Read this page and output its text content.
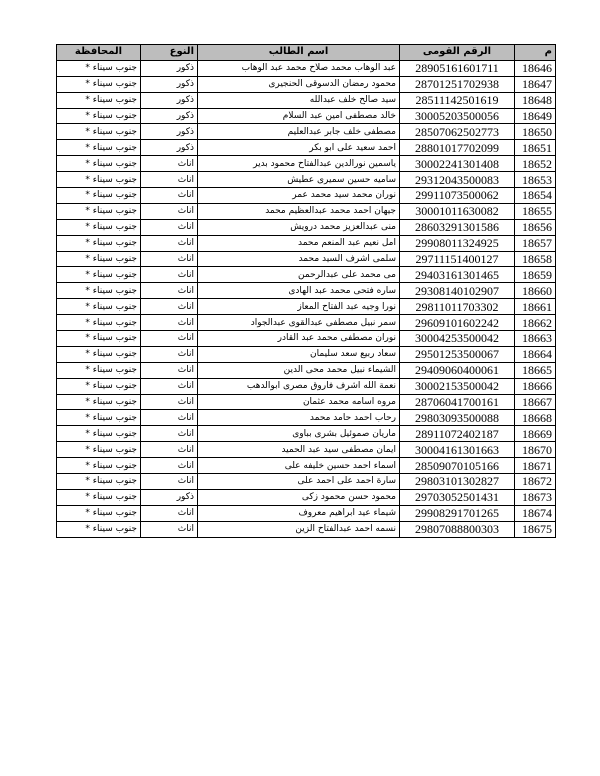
م	الرقم القومى	اسم الطالب	النوع	المحافظة
18646	28905161601711	عبد الوهاب محمد صلاح محمد عبد الوهاب	ذكور	جنوب سيناء *
18647	28701251702938	محمود رمضان الدسوقى الحنجيرى	ذكور	جنوب سيناء *
18648	28511142501619	سيد صالح خلف عبدالله	ذكور	جنوب سيناء *
18649	30005203500056	خالد مصطفى امين عبد السلام	ذكور	جنوب سيناء *
18650	28507062502773	مصطفى خلف جابر عبدالعليم	ذكور	جنوب سيناء *
18651	28801017702099	احمد سعيد على ابو بكر	ذكور	جنوب سيناء *
18652	30002241301408	ياسمين نورالدين عبدالفتاح محمود بدير	اناث	جنوب سيناء *
18653	29312043500083	ساميه حسين سميرى عطيش	اناث	جنوب سيناء *
18654	29911073500062	نوران محمد سيد محمد عمر	اناث	جنوب سيناء *
18655	30001011630082	جيهان احمد محمد عبدالعظيم محمد	اناث	جنوب سيناء *
18656	28603291301586	منى عبدالعزيز محمد درويش	اناث	جنوب سيناء *
18657	29908011324925	امل نعيم عبد المنعم محمد	اناث	جنوب سيناء *
18658	29711151400127	سلمى اشرف السيد محمد	اناث	جنوب سيناء *
18659	29403161301465	مى محمد على عبدالرحمن	اناث	جنوب سيناء *
18660	29308140102907	ساره فتحى محمد عبد الهادى	اناث	جنوب سيناء *
18661	29811011703302	نورا وجيه عبد الفتاح المعاز	اناث	جنوب سيناء *
18662	29609101602242	سمر نبيل مصطفى عبدالقوى عبدالجواد	اناث	جنوب سيناء *
18663	30004253500042	نوران مصطفى محمد عبد القادر	اناث	جنوب سيناء *
18664	29501253500067	سعاد ربيع سعد سليمان	اناث	جنوب سيناء *
18665	29409060400061	الشيماء نبيل محمد محى الدين	اناث	جنوب سيناء *
18666	30002153500042	نعمة الله اشرف فاروق مصرى ابوالدهب	اناث	جنوب سيناء *
18667	28706041700161	مروه اسامه محمد عثمان	اناث	جنوب سيناء *
18668	29803093500088	رحاب احمد حامد محمد	اناث	جنوب سيناء *
18669	28911072402187	ماريان صموئيل بشرى بباوى	اناث	جنوب سيناء *
18670	30004161301663	ايمان مصطفى سيد عبد الحميد	اناث	جنوب سيناء *
18671	28509070105166	اسماء احمد حسين خليفه على	اناث	جنوب سيناء *
18672	29803101302827	سارة احمد على احمد على	اناث	جنوب سيناء *
18673	29703052501431	محمود حسن محمود زكى	ذكور	جنوب سيناء *
18674	29908291701265	شيماء عيد ابراهيم معروف	اناث	جنوب سيناء *
18675	29807088800303	نسمه احمد عبدالفتاح الزين	اناث	جنوب سيناء *
